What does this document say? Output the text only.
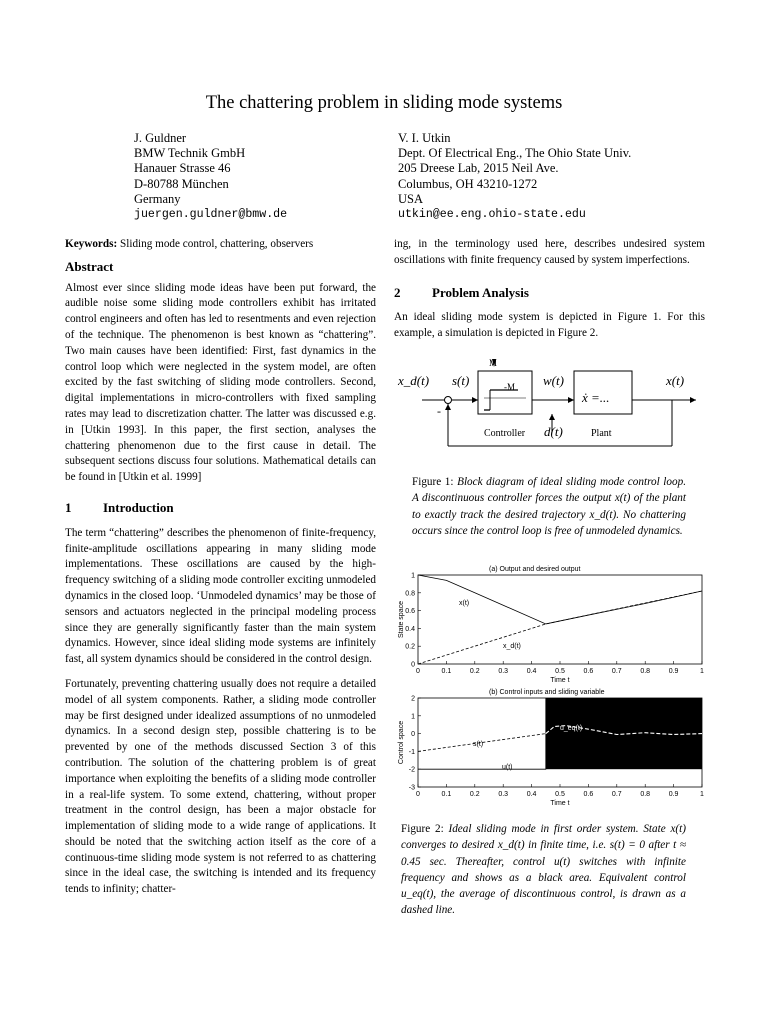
The chattering problem in sliding mode systems
J. Guldner
BMW Technik GmbH
Hanauer Strasse 46
D-80788 München
Germany
juergen.guldner@bmw.de
V. I. Utkin
Dept. Of Electrical Eng., The Ohio State Univ.
205 Dreese Lab, 2015 Neil Ave.
Columbus, OH 43210-1272
USA
utkin@ee.eng.ohio-state.edu

Keywords: Sliding mode control, chattering, observers

Abstract

Almost ever since sliding mode ideas have been put forward, the audible noise some sliding mode controllers exhibit has irritated control engineers and often has led to resentments and even rejection of the technique. The phenomenon is best known as “chattering”. Two main causes have been identified: First, fast dynamics in the control loop which were neglected in the system model, are often excited by the fast switching of sliding mode controllers. Second, digital implementations in micro-controllers with fixed sampling rates may lead to discretization chatter. The latter was discussed e.g. in [Utkin 1993]. In this paper, the first section, analyses the chattering phenomenon due to the first cause in detail. The subsequent sections discuss four solutions. Mathematical details can be found in [Utkin et al. 1999]

1 Introduction

The term “chattering” describes the phenomenon of finite-frequency, finite-amplitude oscillations appearing in many sliding mode implementations. These oscillations are caused by the high-frequency switching of a sliding mode controller exciting unmodeled dynamics in the closed loop. ‘Unmodeled dynamics’ may be those of sensors and actuators neglected in the principal modeling process since they are generally significantly faster than the main system dynamics. However, since ideal sliding mode systems are infinitely fast, all system dynamics should be considered in the control design.

Fortunately, preventing chattering usually does not require a detailed model of all system components. Rather, a sliding mode controller may be first designed under idealized assumptions of no unmodeled dynamics. In a second design step, possible chattering is to be prevented by one of the methods discussed Section 3 of this contribution. The solution of the chattering problem is of great importance when exploiting the benefits of a sliding mode controller in a real-life system. To some extend, chattering, without proper treatment in the control design, has been a major obstacle for implementation of sliding mode to a wide range of applications. It should be noted that the switching action itself as the core of a continuous-time sliding mode system is not referred to as chattering since in the ideal case, the switching is intended and its frequency tends to infinity; chatter-

ing, in the terminology used here, describes undesired system oscillations with finite frequency caused by system imperfections.

2 Problem Analysis

An ideal sliding mode system is depicted in Figure 1. For this example, a simulation is depicted in Figure 2.

x_d(t) s(t)
M
-M w(t)
ẋ =...
x(t)
-
Controller d(t)	Plant
Figure 1: Block diagram of ideal sliding mode control loop. A discontinuous controller forces the output x(t) of the plant to exactly track the desired trajectory x_d(t). No chattering occurs since the control loop is free of unmodeled dynamics.
(a) Output and desired output
0	0.1	0.2	0.3	0.4	0.5	0.6	0.7	0.8	0.9	1
0
0.2
0.4
0.6
0.8
1
Time t
State space	x(t)
x_d(t)
(b) Control inputs and sliding variable
0	0.1	0.2	0.3	0.4	0.5	0.6	0.7	0.8	0.9	1
-3
-2
-1
0
1
2
Time t
Control space	s(t)
u(t)
u_eq(t)
Figure 2: Ideal sliding mode in first order system. State x(t) converges to desired x_d(t) in finite time, i.e. s(t) = 0 after t ≈ 0.45 sec. Thereafter, control u(t) switches with infinite frequency and shows as a black area. Equivalent control u_eq(t), the average of discontinuous control, is drawn as a dashed line.
